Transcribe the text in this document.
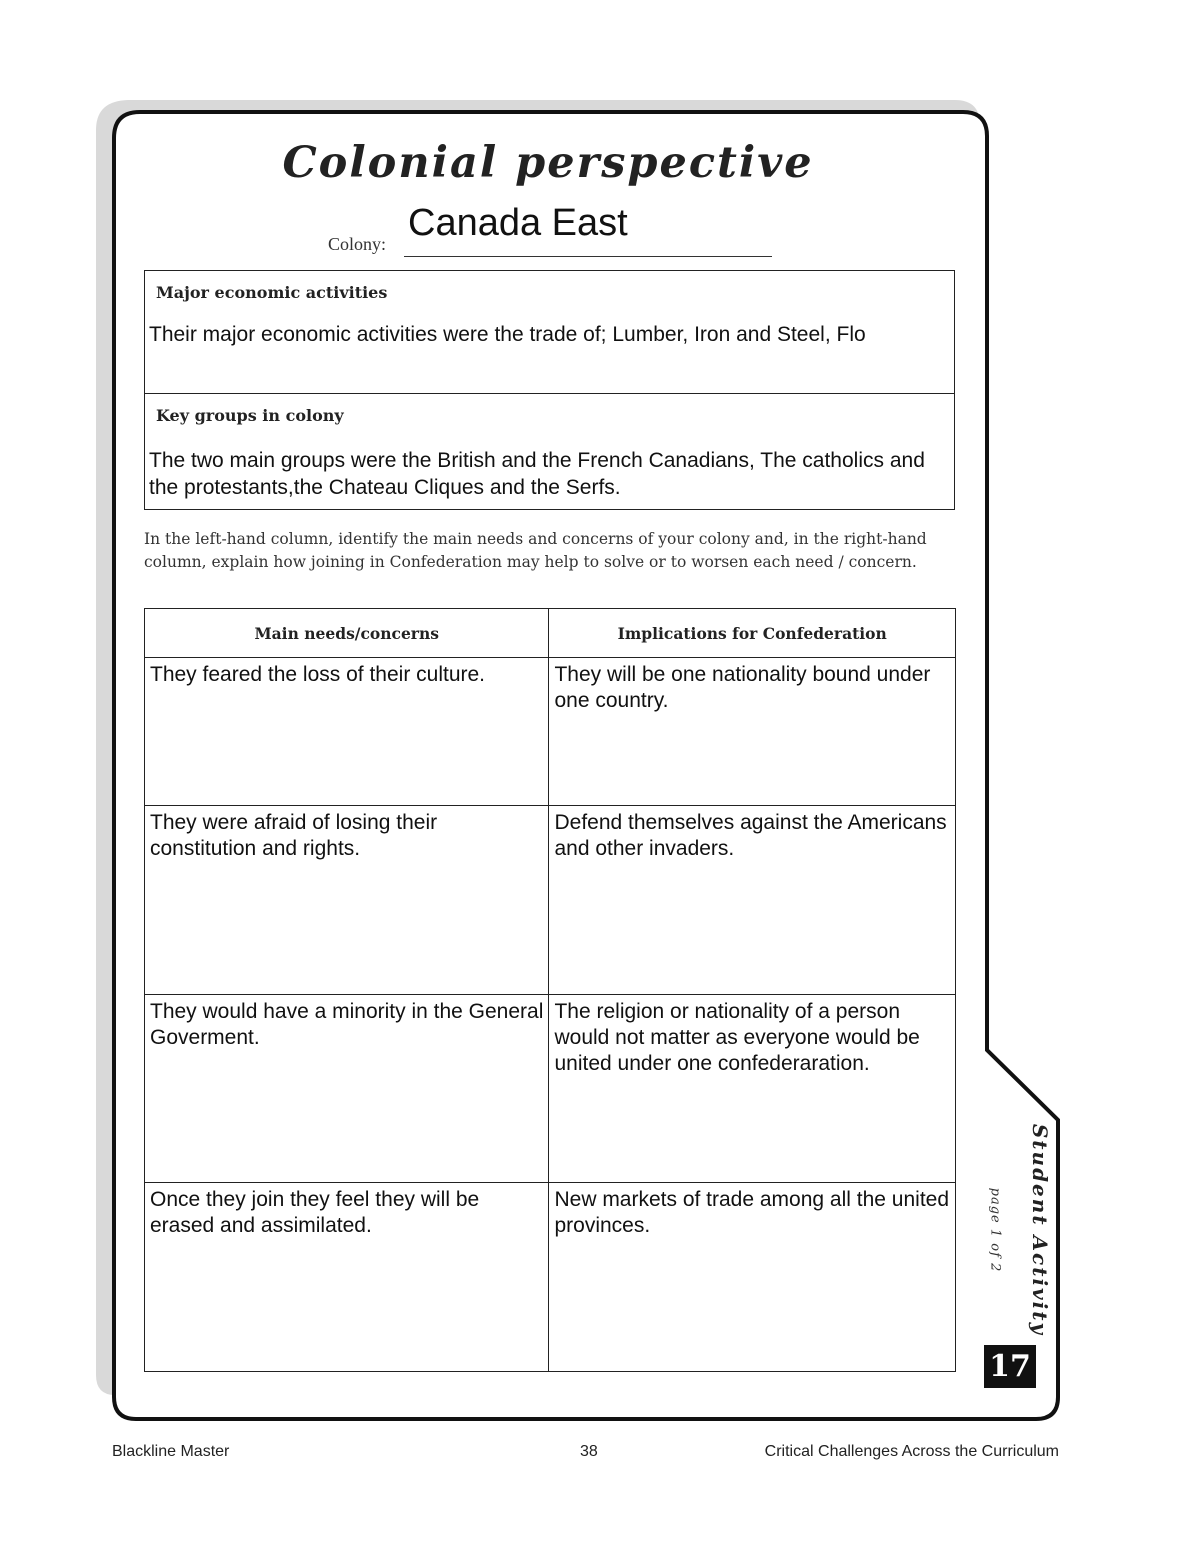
Colonial perspective
Colony: Canada East
Major economic activities
Their major economic activities were the trade of; Lumber, Iron and Steel, Flo
Key groups in colony
The two main groups were the British and the French Canadians, The catholics and the protestants,the Chateau Cliques and the Serfs.
In the left-hand column, identify the main needs and concerns of your colony and, in the right-hand column, explain how joining in Confederation may help to solve or to worsen each need / concern.
Main needs/concerns	Implications for Confederation
They feared the loss of their culture.	They will be one nationality bound under one country.
They were afraid of losing their constitution and rights.	Defend themselves against the Americans and other invaders.
They would have a minority in the General Goverment.	The religion or nationality of a person would not matter as everyone would be united under one confederaration.
Once they join they feel they will be erased and assimilated.	New markets of trade among all the united provinces.	Student Activity
page 1 of 2
17
Blackline Master	38	Critical Challenges Across the Curriculum
